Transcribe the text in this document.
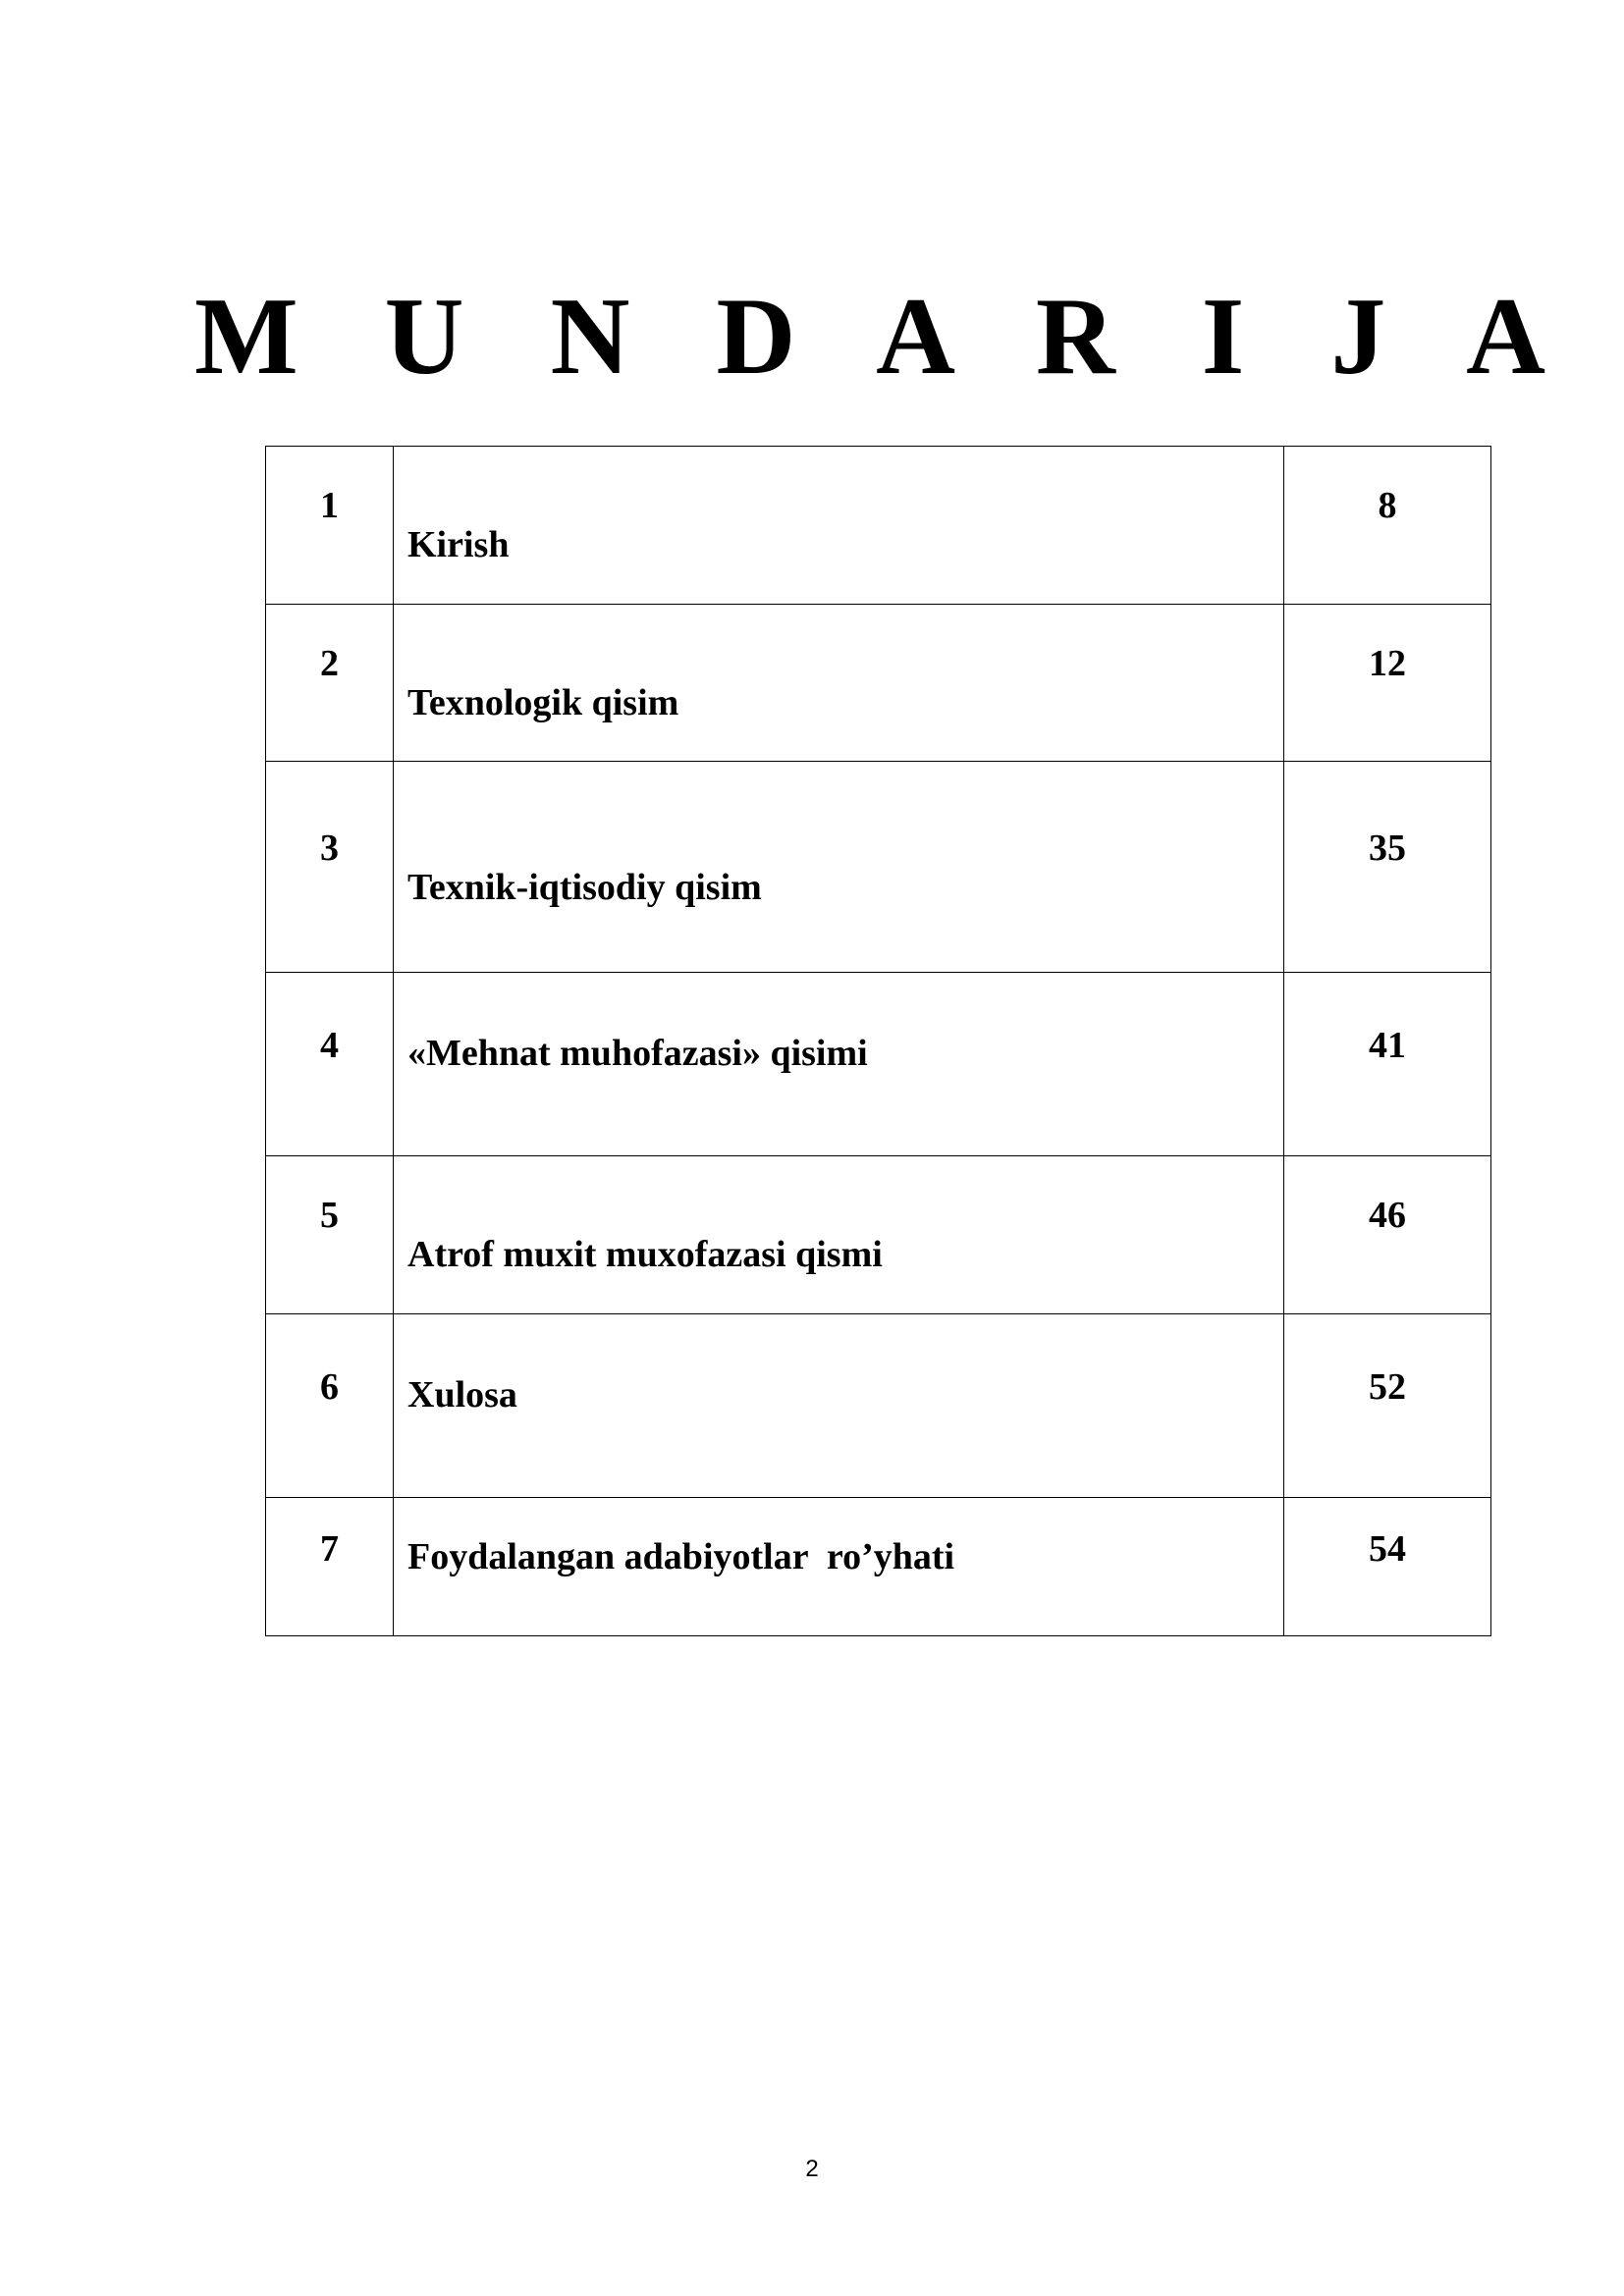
M U N D A R I J A
1	Kirish	8

2	Texnologik qisim	12

3	Texnik-iqtisodiy qisim	35

4	«Mehnat muhofazasi» qisimi	41

5	Atrof muxit muxofazasi qismi	46

6	Xulosa	52

7	Foydalangan adabiyotlar  ro’yhati	54
2
